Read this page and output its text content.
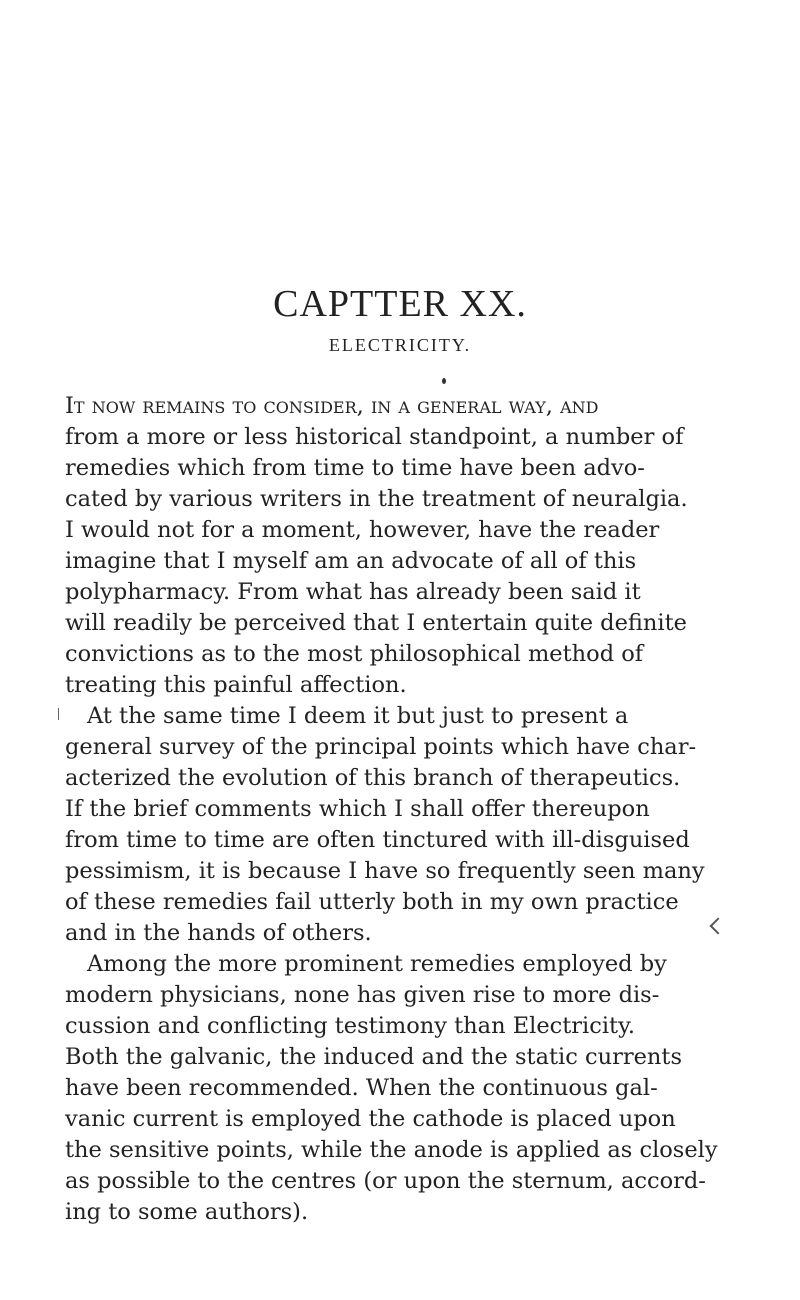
CAPTTER XX.
ELECTRICITY.
It now remains to consider, in a general way, and
from a more or less historical standpoint, a number of
remedies which from time to time have been advo-
cated by various writers in the treatment of neuralgia.
I would not for a moment, however, have the reader
imagine that I myself am an advocate of all of this
polypharmacy. From what has already been said it
will readily be perceived that I entertain quite definite
convictions as to the most philosophical method of
treating this painful affection.
At the same time I deem it but just to present a
general survey of the principal points which have char-
acterized the evolution of this branch of therapeutics.
If the brief comments which I shall offer thereupon
from time to time are often tinctured with ill-disguised
pessimism, it is because I have so frequently seen many
of these remedies fail utterly both in my own practice
and in the hands of others.
Among the more prominent remedies employed by
modern physicians, none has given rise to more dis-
cussion and conflicting testimony than Electricity.
Both the galvanic, the induced and the static currents
have been recommended. When the continuous gal-
vanic current is employed the cathode is placed upon
the sensitive points, while the anode is applied as closely
as possible to the centres (or upon the sternum, accord-
ing to some authors).
